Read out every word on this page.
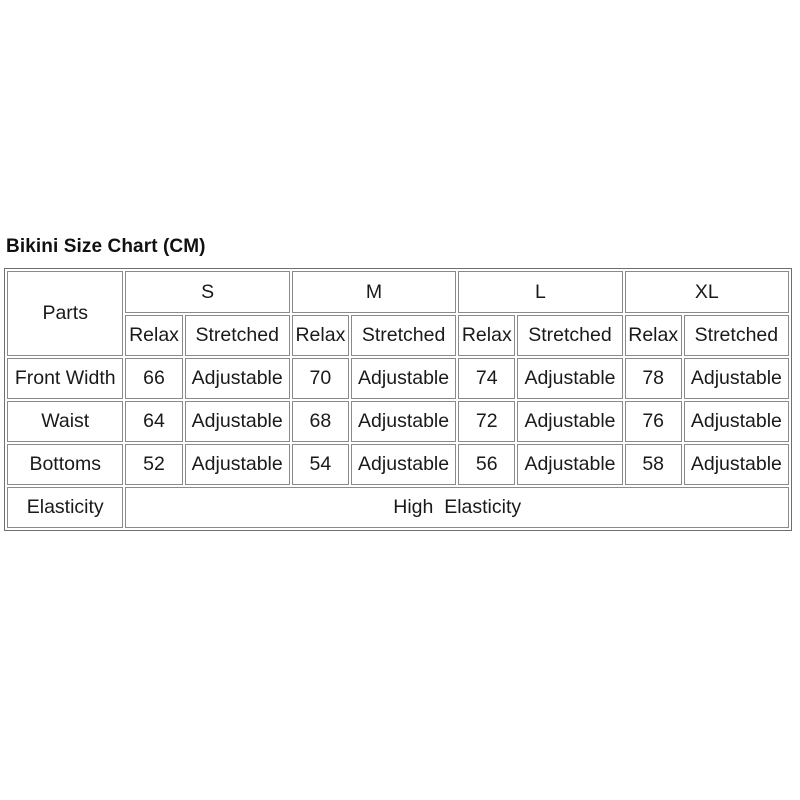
Bikini Size Chart (CM)
Parts	S		M		L		XL	
	Relax	Stretched	Relax	Stretched	Relax	Stretched	Relax	Stretched
Front Width	66	Adjustable	70	Adjustable	74	Adjustable	78	Adjustable
Waist	64	Adjustable	68	Adjustable	72	Adjustable	76	Adjustable
Bottoms	52	Adjustable	54	Adjustable	56	Adjustable	58	Adjustable
Elasticity	High  Elasticity							
